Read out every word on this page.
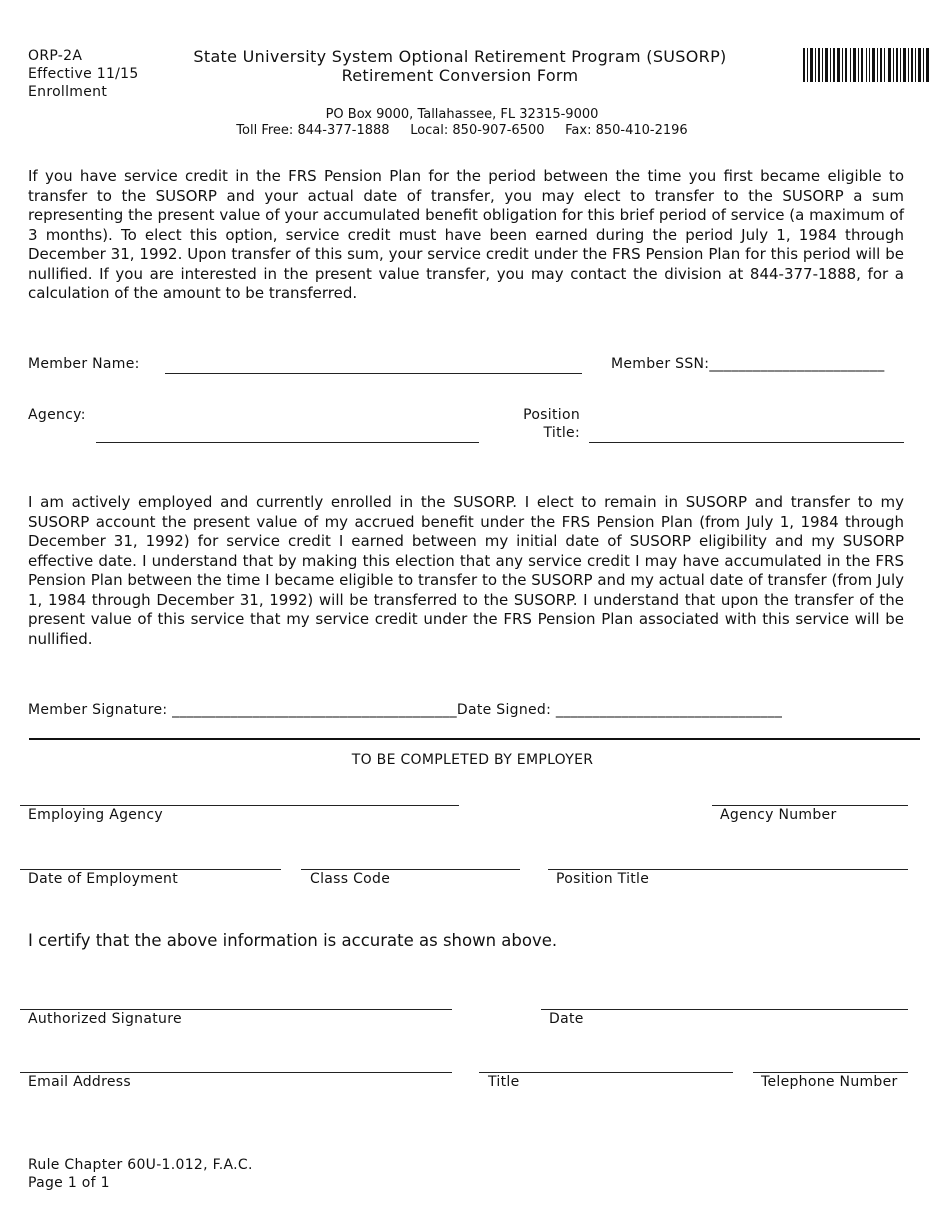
ORP-2A
Effective 11/15
Enrollment
State University System Optional Retirement Program (SUSORP)
Retirement Conversion Form
PO Box 9000, Tallahassee, FL 32315-9000
Toll Free: 844-377-1888     Local: 850-907-6500     Fax: 850-410-2196
If you have service credit in the FRS Pension Plan for the period between the time you first became eligible to transfer to the SUSORP and your actual date of transfer, you may elect to transfer to the SUSORP a sum representing the present value of your accumulated benefit obligation for this brief period of service (a maximum of 3 months). To elect this option, service credit must have been earned during the period July 1, 1984 through December 31, 1992. Upon transfer of this sum, your service credit under the FRS Pension Plan for this period will be nullified. If you are interested in the present value transfer, you may contact the division at 844-377-1888, for a calculation of the amount to be transferred.
Member Name:	Member SSN:________________________
Agency:	Position
Title:
I am actively employed and currently enrolled in the SUSORP. I elect to remain in SUSORP and transfer to my SUSORP account the present value of my accrued benefit under the FRS Pension Plan (from July 1, 1984 through December 31, 1992) for service credit I earned between my initial date of SUSORP eligibility and my SUSORP effective date. I understand that by making this election that any service credit I may have accumulated in the FRS Pension Plan between the time I became eligible to transfer to the SUSORP and my actual date of transfer (from July 1, 1984 through December 31, 1992) will be transferred to the SUSORP. I understand that upon the transfer of the present value of this service that my service credit under the FRS Pension Plan associated with this service will be nullified.
Member Signature: _______________________________________Date Signed: _______________________________
TO BE COMPLETED BY EMPLOYER
Employing Agency	Agency Number
Date of Employment	Class Code	Position Title
I certify that the above information is accurate as shown above.
Authorized Signature	Date
Email Address	Title	Telephone Number
Rule Chapter 60U-1.012, F.A.C.
Page 1 of 1
